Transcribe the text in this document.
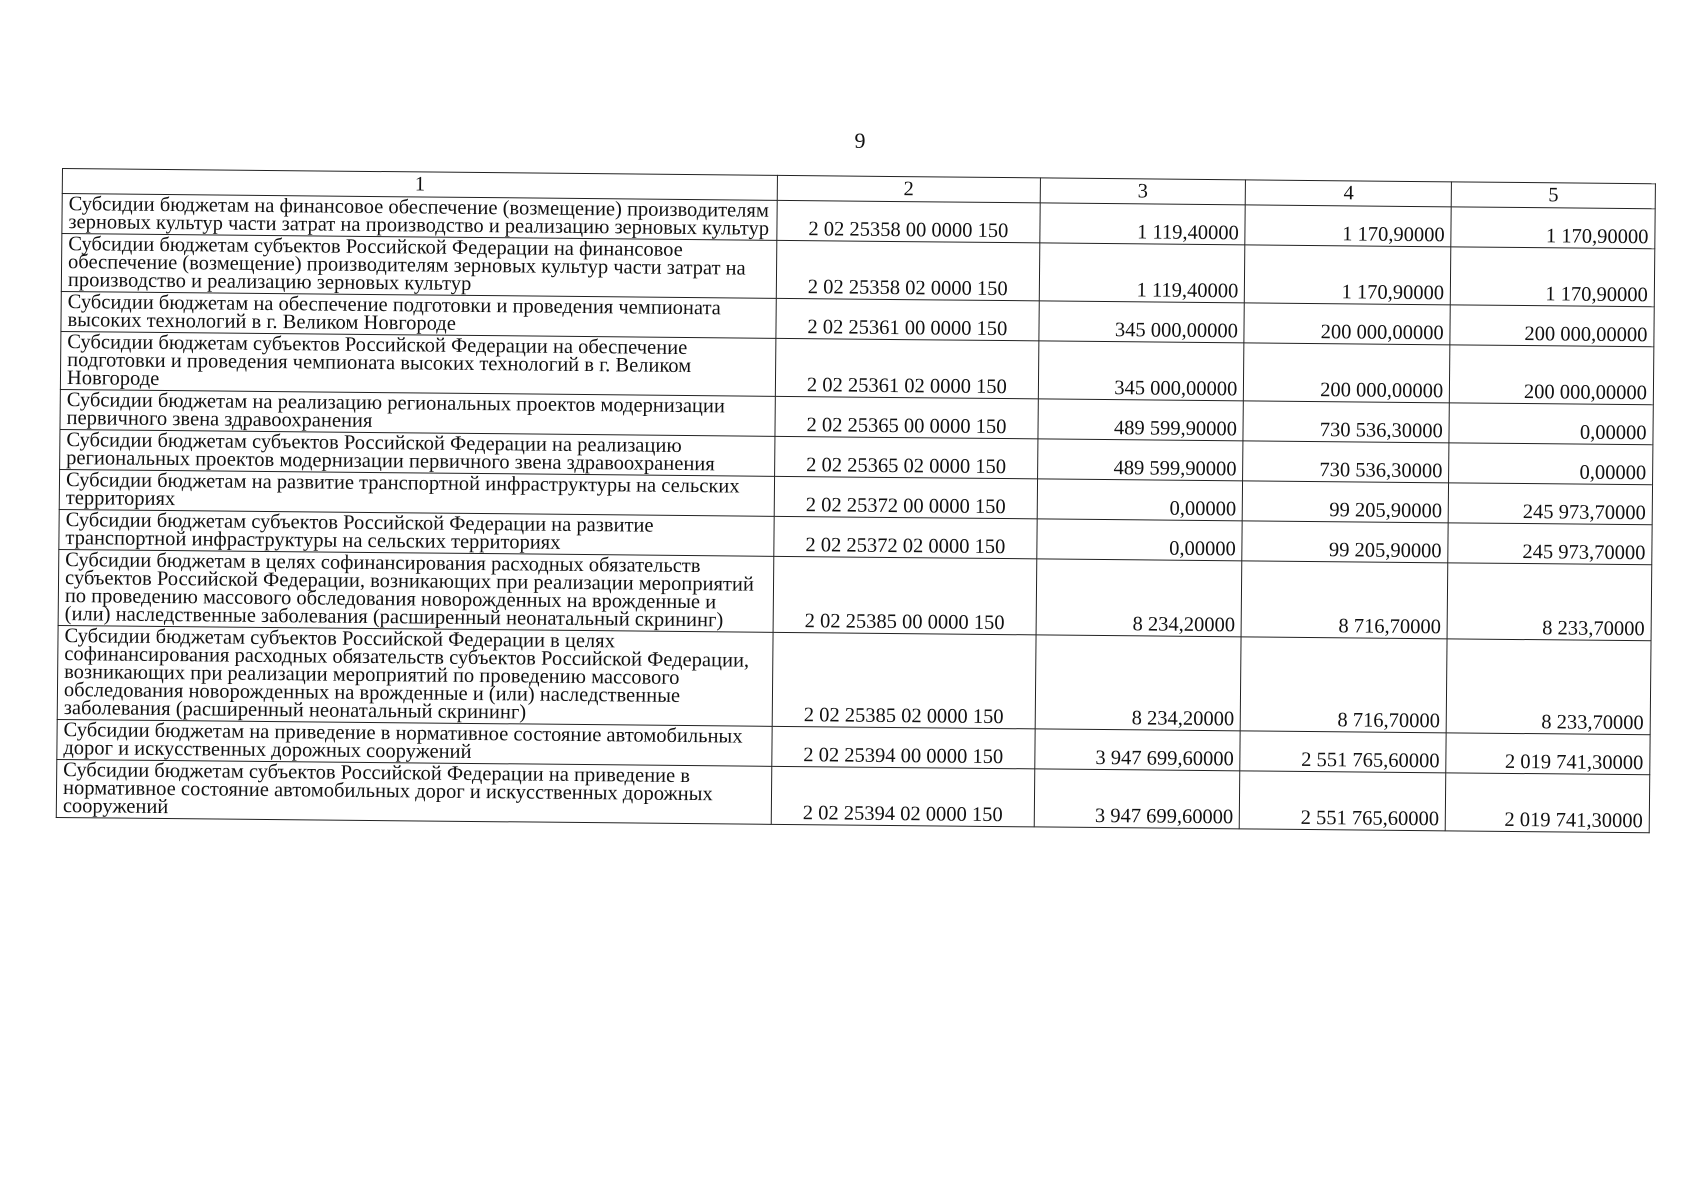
9
1	2	3	4	5
Субсидии бюджетам на финансовое обеспечение (возмещение) производителям зерновых культур части затрат на производство и реализацию зерновых культур	2 02 25358 00 0000 150	1 119,40000	1 170,90000	1 170,90000
Субсидии бюджетам субъектов Российской Федерации на финансовое обеспечение (возмещение) производителям зерновых культур части затрат на производство и реализацию зерновых культур	2 02 25358 02 0000 150	1 119,40000	1 170,90000	1 170,90000
Субсидии бюджетам на обеспечение подготовки и проведения чемпионата высоких технологий в г. Великом Новгороде	2 02 25361 00 0000 150	345 000,00000	200 000,00000	200 000,00000
Субсидии бюджетам субъектов Российской Федерации на обеспечение подготовки и проведения чемпионата высоких технологий в г. Великом Новгороде	2 02 25361 02 0000 150	345 000,00000	200 000,00000	200 000,00000
Субсидии бюджетам на реализацию региональных проектов модернизации первичного звена здравоохранения	2 02 25365 00 0000 150	489 599,90000	730 536,30000	0,00000
Субсидии бюджетам субъектов Российской Федерации на реализацию региональных проектов модернизации первичного звена здравоохранения	2 02 25365 02 0000 150	489 599,90000	730 536,30000	0,00000
Субсидии бюджетам на развитие транспортной инфраструктуры на сельских территориях	2 02 25372 00 0000 150	0,00000	99 205,90000	245 973,70000
Субсидии бюджетам субъектов Российской Федерации на развитие транспортной инфраструктуры на сельских территориях	2 02 25372 02 0000 150	0,00000	99 205,90000	245 973,70000
Субсидии бюджетам в целях софинансирования расходных обязательств субъектов Российской Федерации, возникающих при реализации мероприятий по проведению массового обследования новорожденных на врожденные и (или) наследственные заболевания (расширенный неонатальный скрининг)	2 02 25385 00 0000 150	8 234,20000	8 716,70000	8 233,70000
Субсидии бюджетам субъектов Российской Федерации в целях софинансирования расходных обязательств субъектов Российской Федерации, возникающих при реализации мероприятий по проведению массового обследования новорожденных на врожденные и (или) наследственные заболевания (расширенный неонатальный скрининг)	2 02 25385 02 0000 150	8 234,20000	8 716,70000	8 233,70000
Субсидии бюджетам на приведение в нормативное состояние автомобильных дорог и искусственных дорожных сооружений	2 02 25394 00 0000 150	3 947 699,60000	2 551 765,60000	2 019 741,30000
Субсидии бюджетам субъектов Российской Федерации на приведение в нормативное состояние автомобильных дорог и искусственных дорожных сооружений	2 02 25394 02 0000 150	3 947 699,60000	2 551 765,60000	2 019 741,30000
